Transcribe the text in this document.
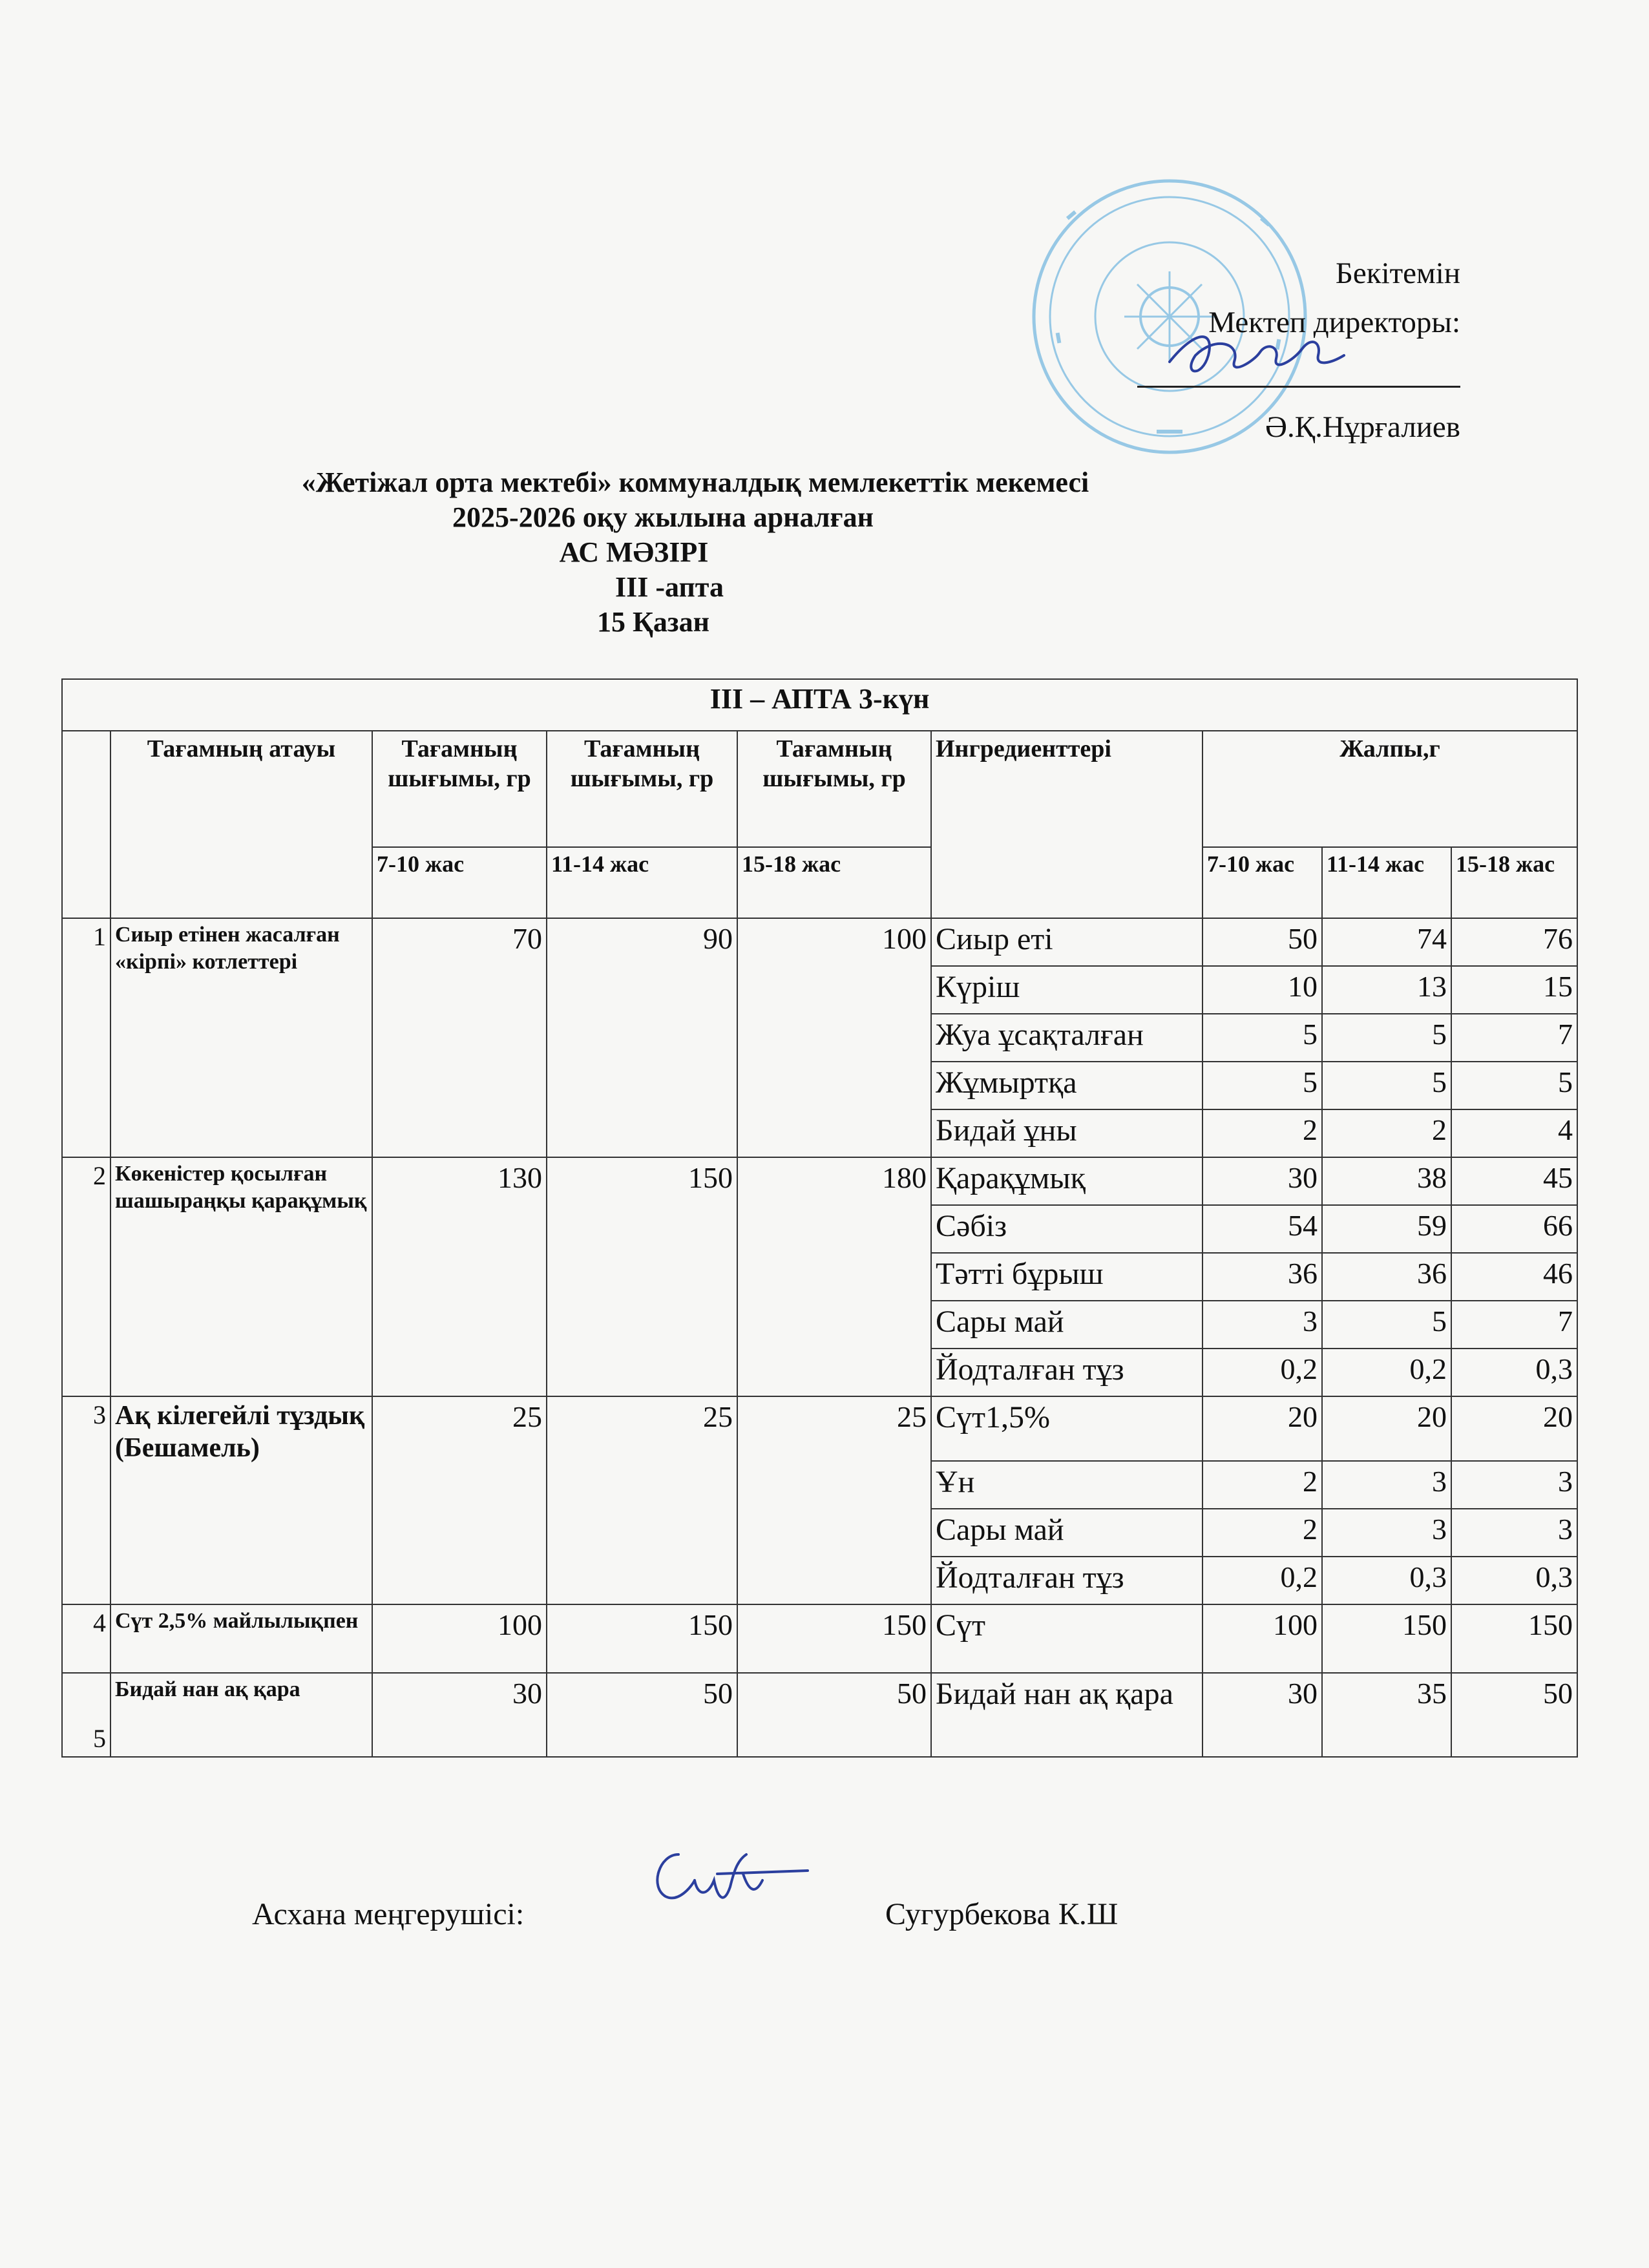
Бекітемін
Мектеп директоры:
Ә.Қ.Нұрғалиев
«Жетіжал орта мектебі» коммуналдық мемлекеттік мекемесі
2025-2026 оқу жылына арналған
АС МӘЗІРІ
ІІІ -апта
15 Қазан
ІІІ – АПТА 3-күн								
	Тағамның атауы	Тағамның шығымы, гр	Тағамның шығымы, гр	Тағамның шығымы, гр	Ингредиенттері	Жалпы,г		
		7-10 жас	11-14 жас	15-18 жас		7-10 жас	11-14 жас	15-18 жас
1	Сиыр етінен жасалған «кірпі» котлеттері	70	90	100	Сиыр еті	50	74	76
					Күріш	10	13	15
					Жуа ұсақталған	5	5	7
					Жұмыртқа	5	5	5
					Бидай ұны	2	2	4
2	Көкеністер қосылған шашыраңқы қарақұмық	130	150	180	Қарақұмық	30	38	45
					Сәбіз	54	59	66
					Тәтті бұрыш	36	36	46
					Сары май	3	5	7
					Йодталған тұз	0,2	0,2	0,3
3	Ақ кілегейлі тұздық (Бешамель)	25	25	25	Сүт1,5%	20	20	20
					Ұн	2	3	3
					Сары май	2	3	3
					Йодталған тұз	0,2	0,3	0,3
4	Сүт 2,5% майлылықпен	100	150	150	Сүт	100	150	150
5	Бидай нан ақ қара	30	50	50	Бидай нан ақ қара	30	35	50
Асхана меңгерушісі:	Сугурбекова К.Ш
